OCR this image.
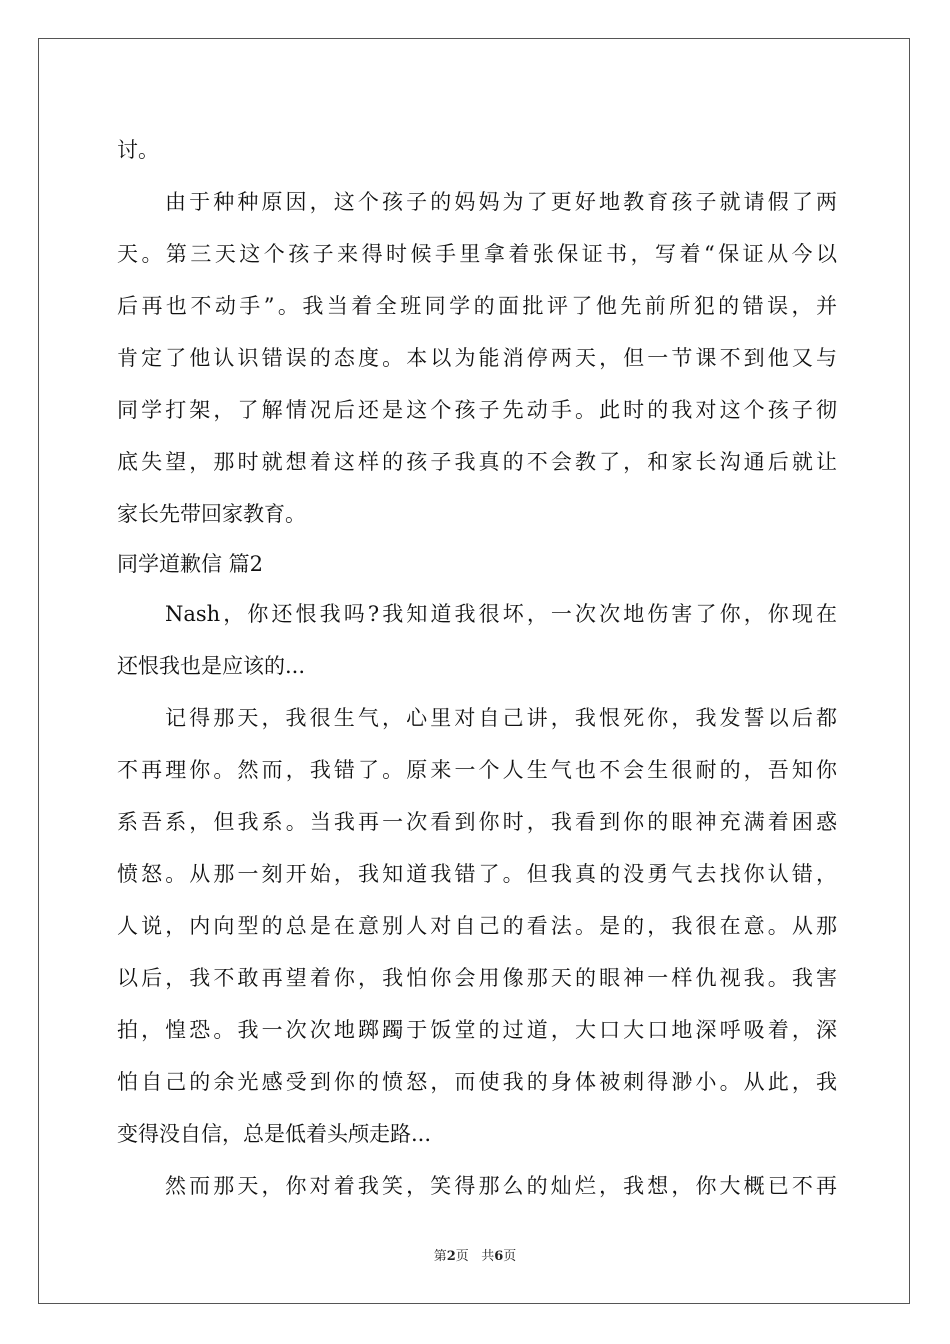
讨。
由于种种原因，这个孩子的妈妈为了更好地教育孩子就请假了两
天。第三天这个孩子来得时候手里拿着张保证书，写着“保证从今以
后再也不动手”。我当着全班同学的面批评了他先前所犯的错误，并
肯定了他认识错误的态度。本以为能消停两天，但一节课不到他又与
同学打架，了解情况后还是这个孩子先动手。此时的我对这个孩子彻
底失望，那时就想着这样的孩子我真的不会教了，和家长沟通后就让
家长先带回家教育。
同学道歉信 篇2
Nash，你还恨我吗?我知道我很坏，一次次地伤害了你，你现在
还恨我也是应该的...
记得那天，我很生气，心里对自己讲，我恨死你，我发誓以后都
不再理你。然而，我错了。原来一个人生气也不会生很耐的，吾知你
系吾系，但我系。当我再一次看到你时，我看到你的眼神充满着困惑
愤怒。从那一刻开始，我知道我错了。但我真的没勇气去找你认错，
人说，内向型的总是在意别人对自己的看法。是的，我很在意。从那
以后，我不敢再望着你，我怕你会用像那天的眼神一样仇视我。我害
拍，惶恐。我一次次地踯躅于饭堂的过道，大口大口地深呼吸着，深
怕自己的余光感受到你的愤怒，而使我的身体被刺得渺小。从此，我
变得没自信，总是低着头颅走路...
然而那天，你对着我笑，笑得那么的灿烂，我想，你大概已不再
第2页 共6页
